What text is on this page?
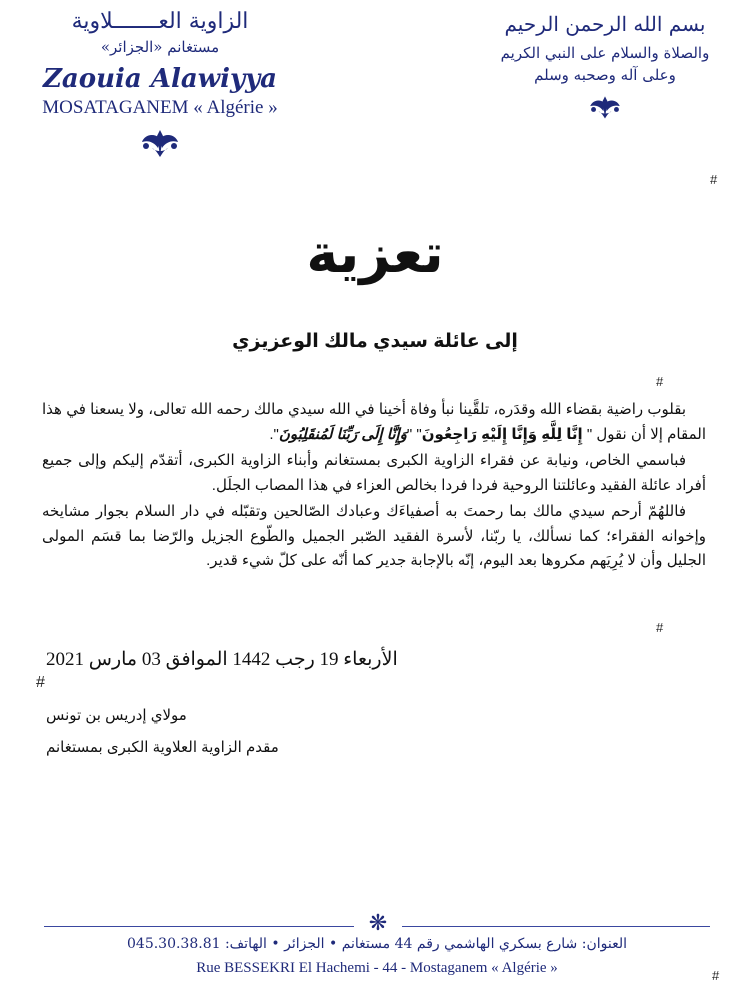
الزاوية العـــــــلاوية
مستغانم «الجزائر»
Zaouia Alawiyya
MOSATAGANEM « Algérie »
بسم الله الرحمن الرحيم
والصلاة والسلام على النبي الكريم
وعلى آله وصحبه وسلم
#
تعزية
إلى عائلة سيدي مالك الوعزيزي
#

بقلوب راضية بقضاء الله وقدَره، تلقَّينا نبأ وفاة أخينا في الله سيدي مالك رحمه الله تعالى، ولا يسعنا في هذا المقام إلا أن نقول " إِنَّا لِلَّهِ وَإِنَّا إِلَيْهِ رَاجِعُونَ" "وَإِنَّا إِلَى رَبِّنَا لَمُنقَلِبُونَ".

فباسمي الخاص، ونيابة عن فقراء الزاوية الكبرى بمستغانم وأبناء الزاوية الكبرى، أتقدّم إليكم وإلى جميع أفراد عائلة الفقيد وعائلتنا الروحية فردا فردا بخالص العزاء في هذا المصاب الجلَل.

فاللهُمّ أرحم سيدي مالك بما رحمتَ به أصفياءَك وعبادك الصّالحين وتقبّله في دار السلام بجوار مشايخه وإخوانه الفقراء؛ كما نسألك، يا ربّنا، لأسرة الفقيد الصّبر الجميل والطّوع الجزيل والرّضا بما قسَم المولى الجليل وأن لا يُرِيَهم مكروها بعد اليوم، إنّه بالإجابة جدير كما أنّه على كلّ شيء قدير.

#
الأربعاء 19 رجب 1442 الموافق 03 مارس 2021
#
مولاي إدريس بن تونس
مقدم الزاوية العلاوية الكبرى بمستغانم
❋
العنوان: شارع بسكري الهاشمي رقم 44 مستغانم • الجزائر • الهاتف: 045.30.38.81
Rue BESSEKRI El Hachemi - 44 - Mostaganem « Algérie »	#
